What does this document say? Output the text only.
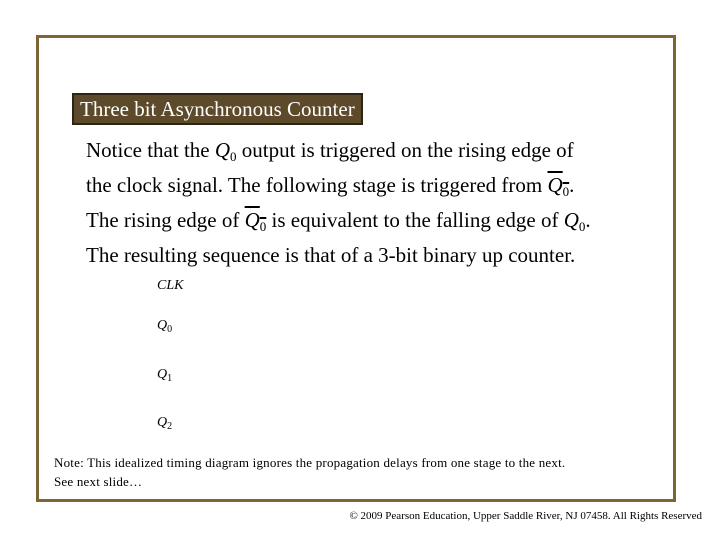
Three bit Asynchronous Counter
Notice that the $Q_0$ output is triggered on the rising edge of
the clock signal. The following stage is triggered from $Q_0$.
The rising edge of $Q_0$ is equivalent to the falling edge of $Q_0$.
The resulting sequence is that of a 3-bit binary up counter.
CLK
$Q_0$
$Q_1$
$Q_2$
Note: This idealized timing diagram ignores the propagation delays from one stage to the next.
See next slide…
© 2009 Pearson Education, Upper Saddle River, NJ 07458. All Rights Reserved
